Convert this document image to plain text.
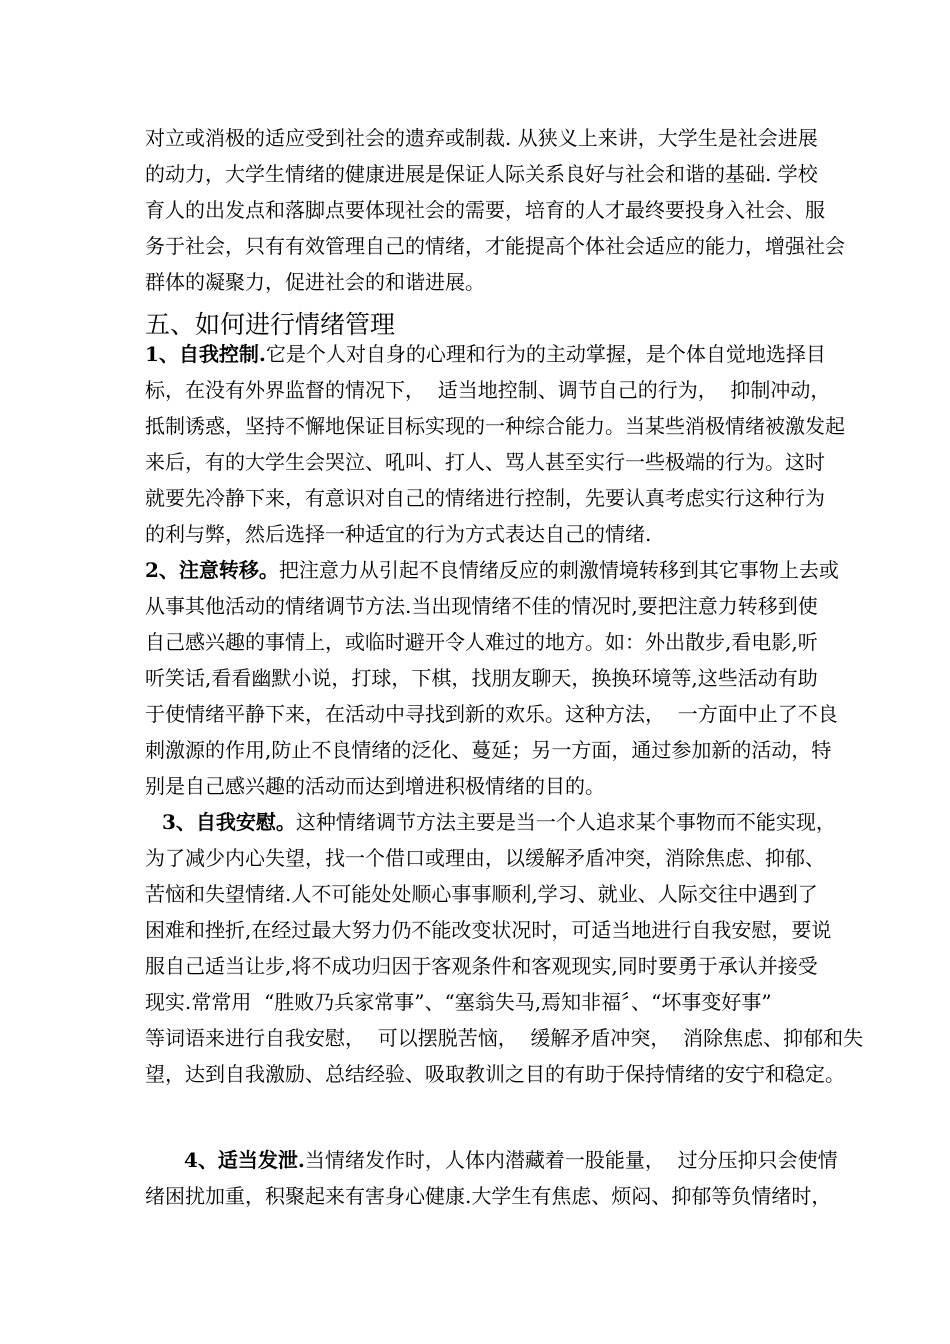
对立或消极的适应受到社会的遗弃或制裁. 从狭义上来讲，大学生是社会进展
的动力，大学生情绪的健康进展是保证人际关系良好与社会和谐的基础. 学校
育人的出发点和落脚点要体现社会的需要，培育的人才最终要投身入社会、服
务于社会，只有有效管理自己的情绪，才能提高个体社会适应的能力，增强社会
群体的凝聚力，促进社会的和谐进展。
五、如何进行情绪管理
1、自我控制.它是个人对自身的心理和行为的主动掌握，是个体自觉地选择目
标，在没有外界监督的情况下，  适当地控制、调节自己的行为，  抑制冲动，
抵制诱惑，坚持不懈地保证目标实现的一种综合能力。当某些消极情绪被激发起
来后，有的大学生会哭泣、吼叫、打人、骂人甚至实行一些极端的行为。这时
就要先冷静下来，有意识对自己的情绪进行控制，先要认真考虑实行这种行为
的利与弊，然后选择一种适宜的行为方式表达自己的情绪.
2、注意转移。把注意力从引起不良情绪反应的刺激情境转移到其它事物上去或
从事其他活动的情绪调节方法.当出现情绪不佳的情况时,要把注意力转移到使
自己感兴趣的事情上，或临时避开令人难过的地方。如：外出散步,看电影,听
听笑话,看看幽默小说，打球，下棋，找朋友聊天，换换环境等,这些活动有助
于使情绪平静下来，在活动中寻找到新的欢乐。这种方法，  一方面中止了不良
刺激源的作用,防止不良情绪的泛化、蔓延；另一方面，通过参加新的活动，特
别是自己感兴趣的活动而达到增进积极情绪的目的。
3、自我安慰。这种情绪调节方法主要是当一个人追求某个事物而不能实现，
为了减少内心失望，找一个借口或理由，以缓解矛盾冲突，消除焦虑、抑郁、
苦恼和失望情绪.人不可能处处顺心事事顺利,学习、就业、人际交往中遇到了
困难和挫折,在经过最大努力仍不能改变状况时，可适当地进行自我安慰，要说
服自己适当让步,将不成功归因于客观条件和客观现实,同时要勇于承认并接受
现实.常常用  “胜败乃兵家常事”、“塞翁失马,焉知非福〞、“坏事变好事”
等词语来进行自我安慰，  可以摆脱苦恼，  缓解矛盾冲突，  消除焦虑、抑郁和失
望，达到自我激励、总结经验、吸取教训之目的有助于保持情绪的安宁和稳定。
4、适当发泄.当情绪发作时，人体内潜藏着一股能量，  过分压抑只会使情
绪困扰加重，积聚起来有害身心健康.大学生有焦虑、烦闷、抑郁等负情绪时，
